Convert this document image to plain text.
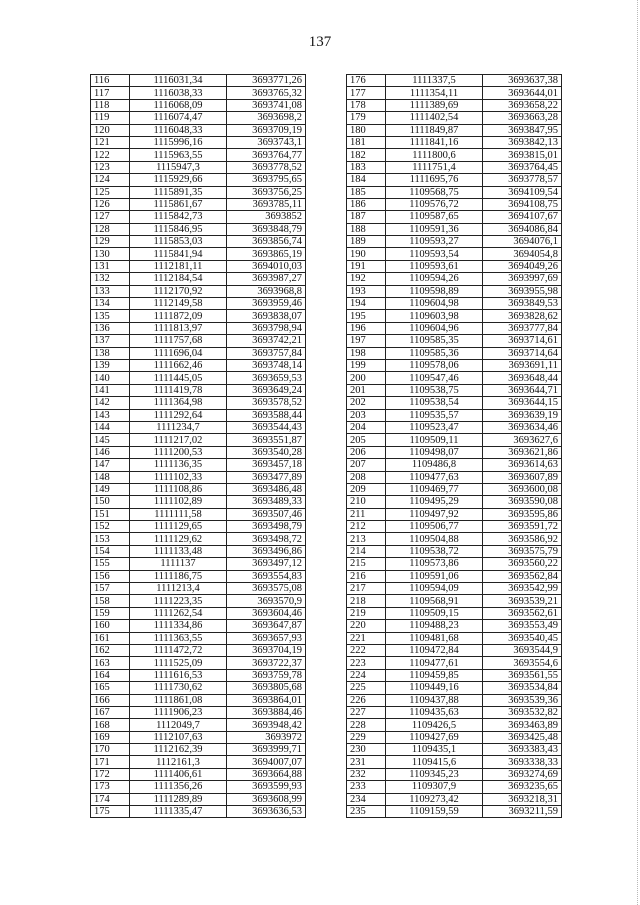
137
116	1116031,34	3693771,26
117	1116038,33	3693765,32
118	1116068,09	3693741,08
119	1116074,47	3693698,2
120	1116048,33	3693709,19
121	1115996,16	3693743,1
122	1115963,55	3693764,77
123	1115947,3	3693778,52
124	1115929,66	3693795,65
125	1115891,35	3693756,25
126	1115861,67	3693785,11
127	1115842,73	3693852
128	1115846,95	3693848,79
129	1115853,03	3693856,74
130	1115841,94	3693865,19
131	1112181,11	3694010,03
132	1112184,54	3693987,27
133	1112170,92	3693968,8
134	1112149,58	3693959,46
135	1111872,09	3693838,07
136	1111813,97	3693798,94
137	1111757,68	3693742,21
138	1111696,04	3693757,84
139	1111662,46	3693748,14
140	1111445,05	3693659,53
141	1111419,78	3693649,24
142	1111364,98	3693578,52
143	1111292,64	3693588,44
144	1111234,7	3693544,43
145	1111217,02	3693551,87
146	1111200,53	3693540,28
147	1111136,35	3693457,18
148	1111102,33	3693477,89
149	1111108,86	3693486,48
150	1111102,89	3693489,33
151	1111111,58	3693507,46
152	1111129,65	3693498,79
153	1111129,62	3693498,72
154	1111133,48	3693496,86
155	1111137	3693497,12
156	1111186,75	3693554,83
157	1111213,4	3693575,08
158	1111223,35	3693570,9
159	1111262,54	3693604,46
160	1111334,86	3693647,87
161	1111363,55	3693657,93
162	1111472,72	3693704,19
163	1111525,09	3693722,37
164	1111616,53	3693759,78
165	1111730,62	3693805,68
166	1111861,08	3693864,01
167	1111906,23	3693884,46
168	1112049,7	3693948,42
169	1112107,63	3693972
170	1112162,39	3693999,71
171	1112161,3	3694007,07
172	1111406,61	3693664,88
173	1111356,26	3693599,93
174	1111289,89	3693608,99
175	1111335,47	3693636,53
176	1111337,5	3693637,38
177	1111354,11	3693644,01
178	1111389,69	3693658,22
179	1111402,54	3693663,28
180	1111849,87	3693847,95
181	1111841,16	3693842,13
182	1111800,6	3693815,01
183	1111751,4	3693764,45
184	1111695,76	3693778,57
185	1109568,75	3694109,54
186	1109576,72	3694108,75
187	1109587,65	3694107,67
188	1109591,36	3694086,84
189	1109593,27	3694076,1
190	1109593,54	3694054,8
191	1109593,61	3694049,26
192	1109594,26	3693997,69
193	1109598,89	3693955,98
194	1109604,98	3693849,53
195	1109603,98	3693828,62
196	1109604,96	3693777,84
197	1109585,35	3693714,61
198	1109585,36	3693714,64
199	1109578,06	3693691,11
200	1109547,46	3693648,44
201	1109538,75	3693644,71
202	1109538,54	3693644,15
203	1109535,57	3693639,19
204	1109523,47	3693634,46
205	1109509,11	3693627,6
206	1109498,07	3693621,86
207	1109486,8	3693614,63
208	1109477,63	3693607,89
209	1109469,77	3693600,08
210	1109495,29	3693590,08
211	1109497,92	3693595,86
212	1109506,77	3693591,72
213	1109504,88	3693586,92
214	1109538,72	3693575,79
215	1109573,86	3693560,22
216	1109591,06	3693562,84
217	1109594,09	3693542,99
218	1109568,91	3693539,21
219	1109509,15	3693562,61
220	1109488,23	3693553,49
221	1109481,68	3693540,45
222	1109472,84	3693544,9
223	1109477,61	3693554,6
224	1109459,85	3693561,55
225	1109449,16	3693534,84
226	1109437,88	3693539,36
227	1109435,63	3693532,82
228	1109426,5	3693463,89
229	1109427,69	3693425,48
230	1109435,1	3693383,43
231	1109415,6	3693338,33
232	1109345,23	3693274,69
233	1109307,9	3693235,65
234	1109273,42	3693218,31
235	1109159,59	3693211,59
